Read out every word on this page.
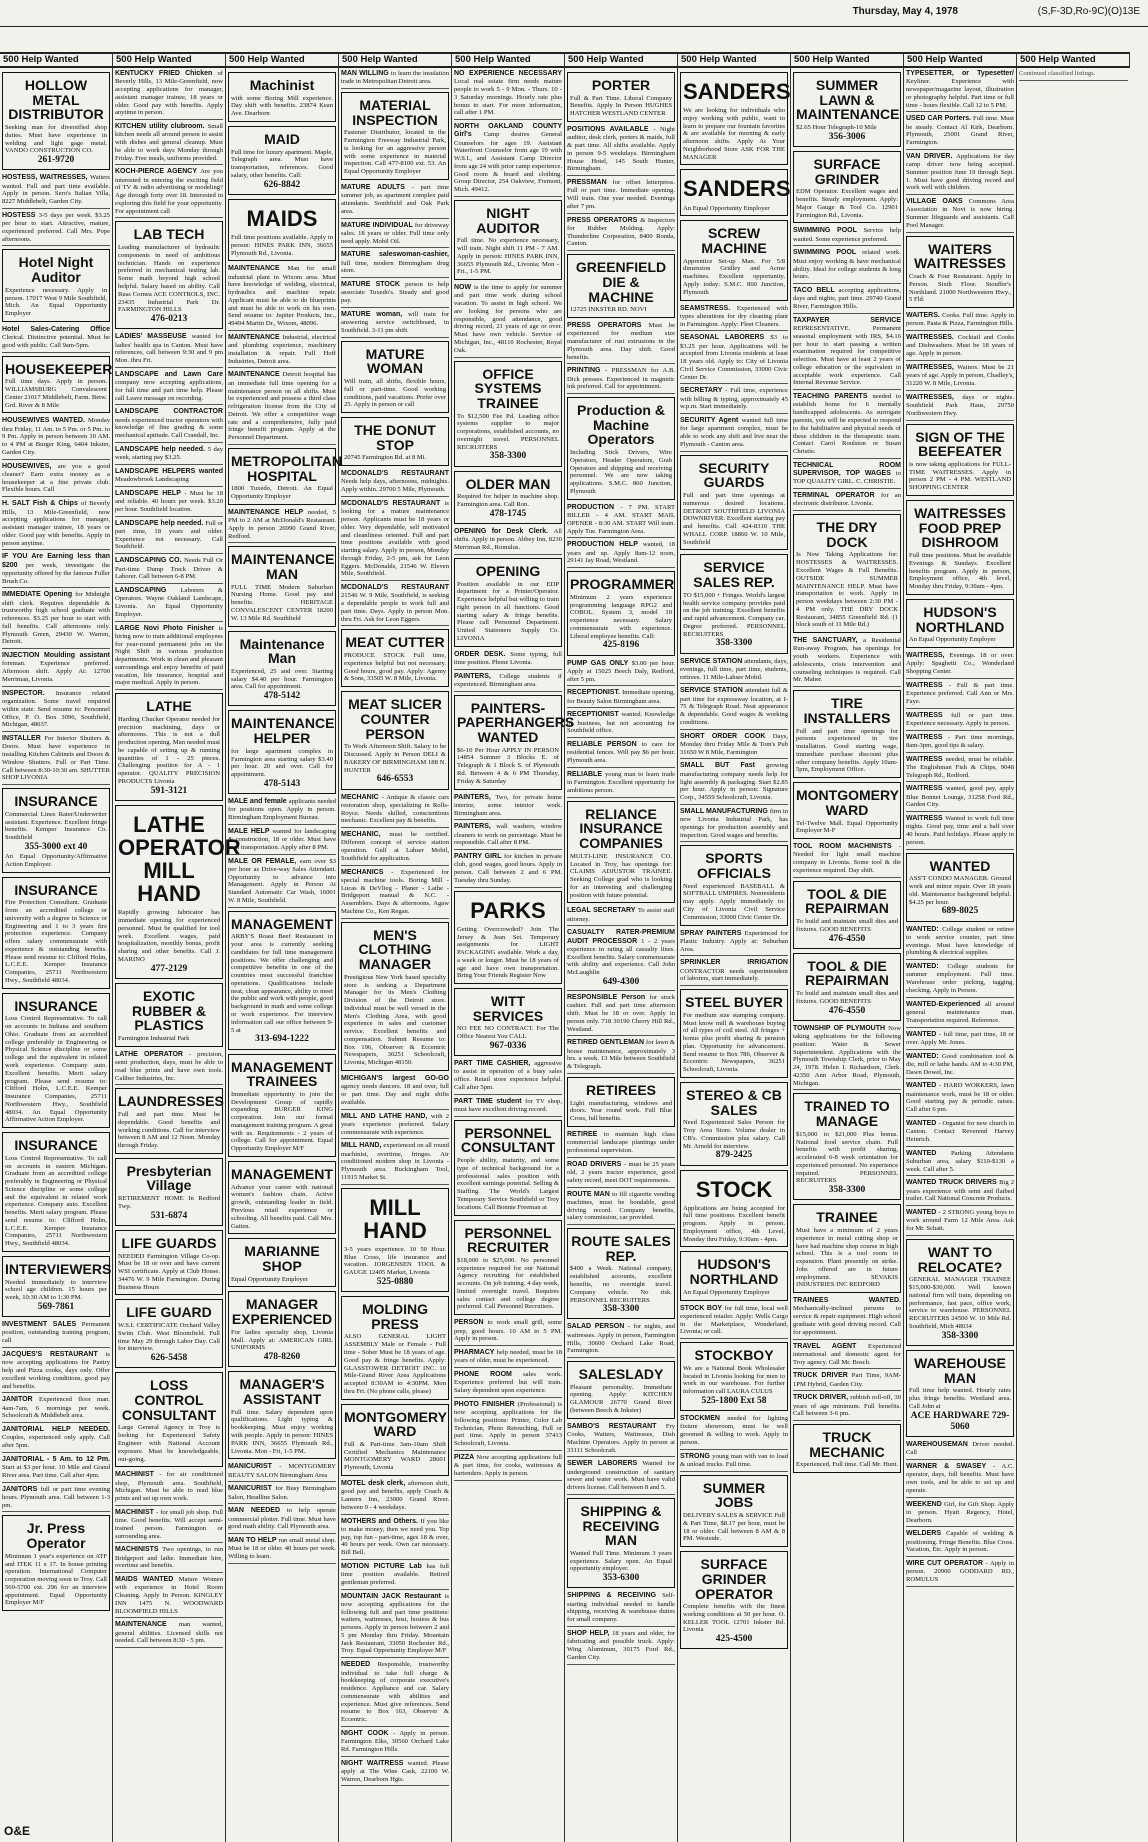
Thursday, May 4, 1978	(S,F-3D,Ro-9C)(O)13E
HOLLOW METAL DISTRIBUTOR
Seeking man for diversified shop duties. Must have experience in welding and light gage metal. VANDO CONSTRUCTION CO.
261-9720
HOSTESS, WAITRESSES, Waiters wanted. Full and part time available. Apply in person. Sero's Italian Villa, 8227 Middlebelt, Garden City.
HOSTESS 3-5 days per week. $3.25 per hour to start. Attractive, mature, experienced preferred. Call Mrs. Pope afternoons.
Hotel Night Auditor
Experience necessary. Apply in person. 17017 West 9 Mile Southfield, Mich. An Equal Opportunity Employer
Hotel Sales-Catering Office Clerical. Distinctive potential. Must be good with public. Call 9am-5pm.
HOUSEKEEPER
Full time days. Apply in person. WILLIAMSBURG Convalescent Center 21017 Middlebelt, Farm. Betw. Grd. River & 8 Mile
HOUSEWIVES WANTED. Monday thru Friday, 11 Am. to 5 Pm. or 5 Pm. to 9 Pm. Apply in person between 10 AM. to 4 PM at Burger King, 6404 Inkster, Garden City.
HOUSEWIVES, are you a good cleaner? Earn extra money as a housekeeper at a fine private club. Flexible hours. Call
H. SALT Fish & Chips of Beverly Hills, 13 Mile-Greenfield, now accepting applications for manager, assistant manager trainee, 18 years or older. Good pay with benefits. Apply in person anytime.
IF YOU Are Earning less than $200 per week, investigate the opportunity offered by the famous Fuller Brush Co.
IMMEDIATE Opening for Midnight shift clerk. Requires dependable & trustworthy high school graduate with references. $3.25 per hour to start with full benefits. Call afternoons only. Plymouth Green, 29430 W. Warren, Detroit.
INJECTION Moulding assistant foreman. Experience preferred. Afternoon shift. Apply At: 12700 Merriman, Livonia.
INSPECTOR. Insurance related organization. Some travel required within state. Send resume to: Personnel Office, P. O. Box 3096, Southfield, Michigan, 48037.
INSTALLER For Interior Shutters & Doors. Must have experience in installing Kitchen Cabinets and Doors & Window Shutters. Full or Part Time. Call between 8:30-10:30 am. SHUTTER SHOP LIVONIA
INSURANCE
Commercial Lines Rater/Underwriter assistant. Experience. Excellent fringe benefits. Kemper Insurance Co. Southfield
355-3000 ext 40
An Equal Opportunity/Affirmative Action Employer.
INSURANCE
Fire Protection Consultant. Graduate from an accredited college or university with a degree in Science or Engineering and 1 to 3 years fire protection experience. Company offers salary commensurate with experience & outstanding benefits. Please send resume to: Clifford Holm, L.C.E.E. Kemper Insurance Companies, 25711 Northwestern Hwy., Southfield 48034.
INSURANCE
Loss Control Representative. To call on accounts in Indiana and southern Ohio. Graduate from an accredited college preferably in Engineering or Physical Science discipline or some college and the equivalent in related work experience. Company auto. Excellent benefits. Merit salary program. Please send resume to: Clifford Holm, L.C.E.E. Kemper Insurance Companies, 25711 Northwestern Hwy., Southfield 48034. An Equal Opportunity Affirmative Action Employer.
INSURANCE
Loss Control Representative. To call on accounts in eastern Michigan. Graduate from an accredited college preferably in Engineering or Physical Science discipline or some college and the equivalent in related work experience. Company auto. Excellent benefits. Merit salary program. Please send resume to: Clifford Holm, L.C.E.E. Kemper Insurance Companies, 25711 Northwestern Hwy., Southfield 48034.
INTERVIEWERS
Needed immediately to interview school age children. 15 hours per week, 10:30 AM to 1:30 PM.
569-7861
INVESTMENT SALES Permanent position, outstanding training program, call
JACQUES'S RESTAURANT is now accepting applications for Pantry help and Pizza cooks, days only. Offer excellent working conditions, good pay and benefits.
JANITOR Experienced floor man. 4am-7am, 6 mornings per week. Schoolcraft & Middlebelt area.
JANITORIAL HELP NEEDED. Couples, experienced only apply. Call after 5pm.
JANITORIAL - 5 Am. to 12 Pm. Start at $3 per hour. 10 Mile and Grand River area. Part time. Call after 4pm.
JANITORS full or part time evening hours. Plymouth area. Call between 1-3 pm.
Jr. Press Operator
Minimum 1 year's experience on ATF and ITEK 11 x 17. In house printing operation. International Computer corporation moving soon to Troy. Call 569-5700 ext. 296 for an interview appointment. Equal Opportunity Employer M/F
KENTUCKY FRIED Chicken of Beverly Hills, 13 Mile-Greenfield, now accepting applications for manager, assistant manager trainee, 18 years or older. Good pay with benefits. Apply anytime in person.
KITCHEN utility clubroom. Small kitchen needs all around person to assist with dishes and general cleanup. Must be able to work days Monday through Friday. Free meals, uniforms provided.
KOCH-PIERCE AGENCY Are you interested in entering the exciting field of TV & radio advertising or modeling? Age through forty over 18. Interested in exploring this field for your opportunity. For appointment call
LAB TECH
Leading manufacturer of hydraulic components in need of ambitious technician. Hands on experience preferred in mechanical testing lab. Some math beyond high school helpful. Salary based on ability. Call Russ Cornea ACE CONTROLS, INC. 23435 Industrial Park Dr. FARMINGTON HILLS
476-0213
LADIES' MASSEUSE wanted for ladies' health spa in Canton. Must have references, call between 9:30 and 9 pm Mon. thru Fri.
LANDSCAPE and Lawn Care company now accepting applications, for full time and part time help. Please call Leave message on recording.
LANDSCAPE CONTRACTOR needs experienced tractor operators with knowledge of fine grading & some mechanical aptitude. Call Crandall, Inc.
LANDSCAPE help needed. 5 day week, starting pay $3.25.
LANDSCAPE HELPERS wanted Meadowbrook Landscaping
LANDSCAPE HELP - Must be 18 and reliable. 40 hours per week. $3.20 per hour. Southfield location.
LANDSCAPE help needed. Full or part time, 18 years and older. Experience not necessary. Call Southfield.
LANDSCAPING CO. Needs Full Or Part-time Dump Truck Driver & Laborer. Call between 6-8 PM.
LANDSCAPING Laborers & Operators. Wayne Oakland Landscape, Livonia. An Equal Opportunity Employer.
LARGE Novi Photo Finisher is hiring now to train additional employees for year-round permanent jobs on the Night Shift in various production departments. Work in clean and pleasant surroundings and enjoy benefits of paid vacation, life insurance, hospital and major medical. Apply in person.
LATHE
Harding Chucker Operator needed for precision machining, days or afternoons. This is not a dull production opening. Man needed must be capable of setting up & running quantities of 1 - 25 pieces. Challenging position for A - 1 operator. QUALITY PRECISION PRODUCTS Livonia
591-3121
LATHE OPERATOR MILL HAND
Rapidly growing fabricator has immediate opening for experienced personnel. Must be qualified for tool work. Excellent wages, paid hospitalization, monthly bonus, profit sharing and other benefits. Call J. MARINO
477-2129
EXOTIC RUBBER & PLASTICS
Farmington Industrial Park
LATHE OPERATOR - precision, semi production, days, must be able to read blue prints and have own tools. Caliber Industries, Inc.
LAUNDRESSES
Full and part time. Must be dependable. Good benefits and working conditions. Call for interview between 8 AM and 12 Noon. Monday through Friday.
Presbyterian Village
RETIREMENT HOME In Redford Twp.
531-6874
LIFE GUARDS
NEEDED Farmington Village Co-op. Must be 18 or over and have current WSI certificate. Apply at Club House. 34476 W. 9 Mile Farmington. During Business Hours
LIFE GUARD
W.S.I. CERTIFICATE Orchard Valley Swim Club. West Bloomfield. Full time May 29 through Labor Day. Call for interview.
626-5458
LOSS CONTROL CONSULTANT
Large General Agency in Troy is looking for Experienced Safety Engineer with National Account exposure. Must be knowledgeable, out-going.
MACHINIST - for air conditioned shop, Plymouth area. Southfield, Michigan. Must be able to read blue prints and set up own work.
MACHINIST - for small job shop. Full time. Good benefits. Will accept semi-trained person. Farmington or surrounding area.
MACHINISTS Two openings, to run Bridgeport and lathe. Immediate hire, overtime and benefits.
MAIDS WANTED Mature Women with experience in Hotel Room Cleaning. Apply In Person. KINGLEY INN 1475 N. WOODWARD BLOOMFIELD HILLS
MAINTENANCE man wanted, general abilities. Licensed skills not needed. Call between 8:30 - 5 pm.
Machinist
with some Boring Mill experience. Day shift with benefits. 23874 Kean Ave. Dearborn
MAID
Full time for luxury apartment. Maple, Telegraph area. Must have transportation, references. Good salary, other benefits. Call:
626-8842
MAIDS
Full time positions available. Apply in person: HINES PARK INN, 36655 Plymouth Rd., Livonia.
MAINTENANCE Man for small industrial plant in Wixom area. Must have knowledge of welding, electrical, hydraulics and machine repair. Applicant must be able to do blueprints and must be able to work on his own. Send resume to: Jupiter Products, Inc., 49494 Martin Dr., Wixom, 48096.
MAINTENANCE Industrial, electrical and plumbing experience, machinery installation & repair. Full Hoff Industries, Detroit area.
MAINTENANCE Detroit hospital has an immediate full time opening for a maintenance person on all shifts. Must be experienced and possess a third class refrigeration license from the City of Detroit. We offer a competitive wage rate and a comprehensive, fully paid fringe benefit program. Apply at the Personnel Department.
METROPOLITAN HOSPITAL
1800 Tuxedo, Detroit. An Equal Opportunity Employer
MAINTENANCE HELP needed, 5 PM to 2 AM at McDonald's Restaurant. Apply in person 26990 Grand River, Redford.
MAINTENANCE MAN
FULL TIME Modern Suburban Nursing Home. Good pay and benefits. HERITAGE CONVALESCENT CENTER 18200 W. 13 Mile Rd. Southfield
Maintenance Man
Experienced, 25 and over. Starting salary $4.40 per hour. Farmington area. Call for appointment.
478-5142
MAINTENANCE HELPER
for large apartment complex in Farmington area starting salary $3.40 per hour. 20 and over. Call for appointment.
478-5143
MALE and female applicants needed for positions open. Apply in person. Birmingham Employment Bureau.
MALE HELP wanted for landscaping & construction, 18 or older. Must have own transportation. Apply after 8 PM.
MALE OR FEMALE, earn over $3 per hour as Drive-way Sales Attendant. Opportunity to advance into Management. Apply in Person At Standard Automatic Car Wash, 16001 W. 8 Mile, Southfield.
MANAGEMENT
ARBY'S Roast Beef Restaurant in your area is currently seeking candidates for full time management positions. We offer challenging and competitive benefits in one of the countries most successful franchise operations. Qualifications include neat, clean appearance, ability to meet the public and work with people, good background in math and some college or work experience. For interview information call our office between 9-5 at
313-694-1222
MANAGEMENT TRAINEES
Immediate opportunity to join the Development Group of rapidly expanding BURGER KING corporation. Join our formal management training program. A great with us. Requirements - 2 years of college. Call for appointment. Equal Opportunity Employer M/F
MANAGEMENT
Advance your career with national women's fashion chain. Active growth, outstanding leader in field. Previous retail experience or schooling. All benefits paid. Call Mrs. Gatien.
MARIANNE SHOP
Equal Opportunity Employer
MANAGER EXPERIENCED
For ladies specialty shop, Livonia Mall. Apply at: AMERICAN GIRL UNIFORMS
478-8260
MANAGER'S ASSISTANT
Full time. Salary dependent upon qualifications. Light typing & bookkeeping. Must enjoy working with people. Apply in person: HINES PARK INN, 36655 Plymouth Rd., Livonia. Mon - Fri, 1-5 PM.
MANICURIST - MONTGOMERY BEAUTY SALON Birmingham Area
MANICURIST for Busy Birmingham Salon, Headline Salon.
MAN NEEDED to help operate commercial plotter. Full time. Must have good math ability. Call Plymouth area.
MAN TO HELP run small metal shop. Must be 18 or older. 40 hours per week. Willing to learn.
MAN WILLING to learn the insulation trade in Metropolitan Detroit area.
MATERIAL INSPECTION
Fastener Distributor, located in the Farmington Freeway Industrial Park, is looking for an aggressive person with some experience in material inspection. Call 477-8100 ext. 53. An Equal Opportunity Employer
MATURE ADULTS - part time summer job, as apartment complex paid attendants. Southfield and Oak Park area.
MATURE INDIVIDUAL for driveway sales. 18 years or older. Full time only need apply. Mobil Oil.
MATURE saleswoman-cashier, full time, modern Birmingham drug store.
MATURE STOCK person to help associate Tuxedo's. Steady and good pay.
MATURE woman, will train for answering service switchboard, in Southfield. 3-11 pm shift.
MATURE WOMAN
Will train, all shifts, flexible hours, full or part-time. Good working conditions, paid vacations. Prefer over 25. Apply in person or call
THE DONUT STOP
20745 Farmington Rd. at 8 Mi.
MCDONALD'S RESTAURANT Needs help days, afternoons, midnights. Apply within. 29700 5 Mile, Plymouth.
MCDONALD'S RESTAURANT is looking for a mature maintenance person. Applicants must be 18 years or older. Very dependable, self motivated and cleanliness oriented. Full and part time positions available with good starting salary. Apply in person, Monday through Friday, 2-5 pm, ask for Leon Eggers. McDonalds, 21546 W. Eleven Mile, Southfield.
MCDONALD'S RESTAURANT 21546 W. 9 Mile, Southfield, is seeking a dependable people to work full and part time. Days. Apply in person Mon. thru Fri. Ask for Leon Eggers.
MEAT CUTTER
PRODUCE STOCK Full time, experience helpful but not necessary. Good hours, good pay. Apply: Agemy & Sons, 33505 W. 8 Mile, Livonia.
MEAT SLICER COUNTER PERSON
To Work Afternoon Shift. Salary to be Discussed. Apply in Person DELI & BAKERY OF BIRMINGHAM 188 N. HUNTER
646-6553
MECHANIC - Antique & classic cars restoration shop, specializing in Rolls-Royce. Needs skilled, conscientious mechanic. Excellent pay & benefits.
MECHANIC, must be certified. Different concept of service station operation. Gulf at Lahser Mobil, Southfield for application.
MECHANICS - Experienced for special machine tools. Boring Mill - Lucas & DeVlieg - Planer - Lathe - Bridgeport manual & N.C. - Assemblers. Days & afternoons. Agaw Machine Co., Ken Regan.
MEN'S CLOTHING MANAGER
Prestigious New York based specialty store is seeking a Department Manager for its Men's Clothing Division of the Detroit store. Individual must be well versed in the Men's Clothing Area, with good experience in sales and customer service. Excellent benefits and compensation. Submit Resume to: Box 196, Observer & Eccentric Newspapers, 36251 Schoolcraft, Livonia, Michigan 48150.
MICHIGAN'S largest GO-GO agency needs dancers. 18 and over, full or part time. Day and night shifts available.
MILL AND LATHE HAND, with 2 years experience preferred. Salary commensurate with experience.
MILL HAND, experienced on all round machinist, overtime, fringes. Air conditioned modern shop in Livonia - Plymouth area. Buckingham Tool, 11915 Market St.
MILL HAND
3-5 years experience. 10 50 Hour. Blue Cross, life insurance and vacation. JORGENSEN TOOL & GAUGE 12405 Market, Livonia
525-0880
MOLDING PRESS
ALSO GENERAL LIGHT ASSEMBLY Male or Female - Full time - Sober Must be 18 years of age. Good pay & fringe benefits. Apply: GLASSTOWER DETROIT INC. 10 Mile-Grand River Area Applications accepted 8:30AM to 4:30PM. Mon thru Fri. (No phone calls, please)
MONTGOMERY WARD
Full & Part-time 3am-10am Shift Certified Mechanics Maintenance MONTGOMERY WARD 28601 Plymouth, Livonia
MOTEL desk clerk, afternoon shift, good pay and benefits, apply Coach & Lantern Inn, 23000 Grand River. between 9 - 4 weekdays.
MOTHERS and Others. If you like to make money, then we need you. Top pay, top fun - part-time, ages 18 & over, 40 hours per week. Own car necessary. Bill Bell.
MOTION PICTURE Lab has full time position available. Retired gentleman preferred.
MOUNTAIN JACK Restaurant is now accepting applications for the following full and part time positions: waiters, waitresses, host, hostess & bus persons. Apply in person between 2 and 5 pm Monday thru Friday. Mountain Jack Restaurant, 33050 Rochester Rd., Troy. Equal Opportunity Employer M/F
NEEDED Responsible, trustworthy individual to take full charge & bookkeeping of corporate executive's residence. Appliance and car. Salary commensurate with abilities and experience. Must give references. Send resume to Box 163, Observer & Eccentric.
NIGHT COOK - Apply in person. Farmington Elks, 30560 Orchard Lake Rd. Farmington Hills.
NIGHT WAITRESS wanted. Please apply at The Wine Cask, 22100 W. Warren, Dearborn Hgts.
NO EXPERIENCE NECESSARY Local real estate firm needs mature people to work 5 - 9 Mon. - Thurs. 10 - 3 Saturday mornings. Hourly rate plus bonus to start. For more information, call after 1 PM.
NORTH OAKLAND COUNTY Girl's Camp desires General Counselors for ages 19. Assistant Waterfront Counselor from age 19 with W.S.I., and Assistant Camp Director from age 24 with prior camp experience. Good room & board and clothing. Group Director, 254 Oakview, Fremont, Mich. 49412.
NIGHT AUDITOR
Full time. No experience necessary, will train. Night shift 11 PM - 7 AM. Apply in person: HINES PARK INN, 36655 Plymouth Rd., Livonia; Mon - Fri., 1-5 PM.
NOW is the time to apply for summer and part time work during school vacation. To assist in high school. We are looking for persons who are responsible, good attendance, good driving record, 21 years of age or over. Must have own vehicle. Service of Michigan, Inc., 48110 Rochester, Royal Oak.
OFFICE SYSTEMS TRAINEE
To $12,500 Fee Pd. Leading office systems supplier to major corporations, established accounts, no overnight travel. PERSONNEL RECRUITERS
358-3300
OLDER MAN
Required for helper in machine shop. Farmington area. Call Ron.
478-1745
OPENING for Desk Clerk. All shifts. Apply in person. Abbey Inn, 8230 Merriman Rd., Romulus.
OPENING
Position available in our EDP department for a Printer/Operator. Experience helpful but willing to train right person in all functions. Good starting salary & fringe benefits. Please call Personnel Department. United Stationers Supply Co. LIVONIA
ORDER DESK. Some typing, full time position. Phone Livonia.
PAINTERS, College students if experienced. Birmingham area.
PAINTERS-PAPERHANGERS WANTED
$6-10 Per Hour APPLY IN PERSON 14854 Sumner 3 Blocks E. of Telegraph & 1 Block S. of Plymouth Rd. Between 4 & 6 PM Thursday, Friday & Saturday
PAINTERS, Two, for private home interior, some interior work. Birmingham area.
PAINTERS, wall washers, window cleaners to work on percentage. Must be responsible. Call after 8 PM.
PANTRY GIRL for kitchen in private club, good wages, good hours. Apply in person. Call between 2 and 6 PM. Tuesday thru Sunday.
PARKS
Getting Overcrowded? Join The Jersey & Jean Set. Temporary assignments for LIGHT PACKAGING available. Work a day, a week or longer. Must be 18 years of age and have own transportation. Bring Your Friends Register Now
WITT SERVICES
NO FEE NO CONTRACT. For The Office Nearest You CALL
967-0336
PART TIME CASHIER, aggressive to assist in operation of a busy sales office. Retail store experience helpful. Call after 5pm.
PART TIME student for TV shop, must have excellent driving record.
PERSONNEL CONSULTANT
People ability, maturity, and some type of technical background for a professional sales position with excellent earnings potential. Selling & Staffing. The World's Largest Temporary Service Southfield or Troy locations. Call Bonnie Freeman at
PERSONNEL RECRUITER
$18,000 to $25,000. No personnel experience required for our National Agency recruiting for established accounts. On job training. 4 day week, limited overnight travel. Requires sales contact and college degree preferred. Call Personnel Recruiters.
PERSON to work small grill, some prep, good hours. 10 AM to 5 PM. Apply in person.
PHARMACY help needed, must be 18 years of older, must be experienced.
PHONE ROOM sales work. Experience preferred but will train. Salary dependent upon experience.
PHOTO FINISHER (Professional) is now accepting applications for the following positions: Printer, Color Lab Technician, Photo Retouching, Full or part time. Apply in person 37413 Schoolcraft, Livonia.
PIZZA Now accepting applications full & part time, for cooks, waitresses & bartenders. Apply in person.
PORTER
Full & Part Time. Liberal Company Benefits. Apply In Person HUGHES HATCHER WESTLAND CENTER
POSITIONS AVAILABLE - Night auditor, desk clerk, porters & maids, full & part time. All shifts available. Apply in person 9-5 weekdays. Birmingham House Hotel, 145 South Hunter, Birmingham.
PRESSMAN for offset letterpress. Full or part time. Immediate opening. Will train. One year needed. Evenings after 7 pm.
PRESS OPERATORS & Inspectors for Rubber Molding. Apply: Thunderline Corporation, 8400 Ronda, Canton.
GREENFIELD DIE & MACHINE
12725 INKSTER RD. NOVI
PRESS OPERATORS Must be experienced for medium size manufacturer of rust extrusions in the Plymouth area. Day shift. Good benefits.
PRINTING - PRESSMAN for A.B. Dick presses. Experienced in magnetic ink preferred. Call for appointment.
Production & Machine Operators
Including Stick Drivers, Wire Operators, Header Operators, Grab Operators and shipping and receiving personnel. We are now taking applications. S.M.C. 860 Junction, Plymouth
PRODUCTION - 7 PM. START BILLER - 4 AM. START MAIL OPENER - 8:30 AM. START Will train. Apply Tue. Farmington Area.
PRODUCTION HELP wanted, 18 years and up. Apply 8am-12 noon, 29141 Jay Road, Westland.
PROGRAMMER
Minimum 2 years experience programming language RPG2 and COBOL. System 3, model 10 experience necessary. Salary commensurate with experience. Liberal employee benefits. Call:
425-8196
PUMP GAS ONLY $3.00 per hour. Apply at 15025 Beech Daly, Redford, after 5 pm.
RECEPTIONIST. Immediate opening, for Beauty Salon Birmingham area.
RECEPTIONIST wanted. Knowledge of business, but not accounting for Southfield office.
RELIABLE PERSON to care for residential fences. Will pay $6 per hour. Plymouth area.
RELIABLE young man to learn trade in Farmington. Excellent opportunity for ambitious person.
RELIANCE INSURANCE COMPANIES
MULTI-LINE INSURANCE CO. Located in Troy, has openings for: CLAIMS ADJUSTOR TRAINEE. Seeking College grad who is looking for an interesting and challenging position with future potential.
LEGAL SECRETARY To assist staff attorney.
CASUALTY RATER-PREMIUM AUDIT PROCESSOR 1 - 2 years experience in rating all casualty lines. Excellent benefits. Salary commensurate with ability and experience. Call John McLaughlin
649-4300
RESPONSIBLE Person for stock cashier. Full and part time afternoon shift. Must be 18 or over. Apply in person only. 718 30190 Cherry Hill Rd., Westland.
RETIRED GENTLEMAN for lawn & house maintenance, approximately 3 hrs. a week. 13 Mile between Southfield & Telegraph.
RETIREES
Light manufacturing, windows and doors. Year round work. Full Blue Cross, full benefits.
RETIREE to maintain high class commercial landscape plantings under professional supervision.
ROAD DRIVERS - must be 25 years old, 2 years tractor experience, good safety record, meet DOT requirements.
ROUTE MAN to fill cigarette vending machines, must be bondable, good driving record. Company benefits, salary commission, car provided.
ROUTE SALES REP.
$400 a Week. National company, established accounts, excellent benefits, no overnight travel. Company vehicle. No risk. PERSONNEL RECRUITERS
358-3300
SALAD PERSON - for nights, and waitresses. Apply in person, Farmington Hills, 30600 Orchard Lake Road, Farmington.
SALESLADY
Pleasant personality. Immediate opening. Apply: KITCHEN GLAMOUR 26770 Grand River (between Beech & Inkster)
SAMBO'S RESTAURANT Fry Cooks, Waiters, Waitresses, Dish Machine Operators. Apply in person at 33111 Schoolcraft.
SEWER LABORERS Wanted for underground construction of sanitary sewer and water work. Must have valid drivers license. Call between 8 and 5.
SHIPPING & RECEIVING MAN
Wanted Full Time. Minimum 3 years experience. Salary open. An Equal opportunity employer.
353-6300
SHIPPING & RECEIVING Self-starting individual needed to handle shipping, receiving & warehouse duties for small company.
SHOP HELP, 18 years and older, for fabricating and possible truck. Apply: Wing Aluminum, 30175 Ford Rd., Garden City.
SANDERS
We are looking for individuals who enjoy working with public, want to learn to prepare our fountain favorites & are available for morning & early afternoon shifts. Apply At Your Neighborhood Store ASK FOR THE MANAGER
SANDERS
An Equal Opportunity Employer
SCREW MACHINE
Apprentice Set-up Man. For 5/8 dimension Gridley and Acme machines. Excellent opportunity. Apply today: S.M.C. 860 Junction, Plymouth
SEAMSTRESS. Experienced with types alterations for dry cleaning plant in Farmington. Apply: Fleet Cleaners.
SEASONAL LABORERS $3 to $3.25 per hour. Applications will be accepted from Livonia residents at least 18 years old. Apply to: City of Livonia Civil Service Commission, 33000 Civic Center Dr.
SECRETARY - Full time, experience with billing & typing, approximately 45 w.p.m. Start immediately.
SECURITY Agent wanted full time for large apartment complex, must be able to work any shift and live near the Plymouth - Canton area.
SECURITY GUARDS
Full and part time openings at numerous desired locations. DETROIT SOUTHFIELD LIVONIA DOWNRIVER. Excellent starting pay and benefits. Call 424-8310 THE WHALL CORP. 18860 W. 10 Mile, Southfield
SERVICE SALES REP.
TO $15,000 + Fringes. World's largest health service company provides paid on the job training. Excellent benefits and rapid advancement. Company car. Degree preferred. PERSONNEL RECRUITERS
358-3300
SERVICE STATION attendants, days, evenings, full time, part time, students, retirees. 11 Mile-Lahser Mobil.
SERVICE STATION attendant full & part time for expressway location, at I-75 & Telegraph Road. Neat appearance & dependable. Good wages & working conditions.
SHORT ORDER COOK Days, Monday thru Friday Mile & Tom's Pub 31650 W 8 Mile, Farmington
SMALL BUT Fast growing manufacturing company needs help for light assembly & packaging. Start $2.85 per hour. Apply in person: Signature Corp., 34559 Schoolcraft, Livonia.
SMALL MANUFACTURING firm in new Livonia Industrial Park, has openings for production assembly and inspection. Good wages and benefits.
SPORTS OFFICIALS
Need experienced BASEBALL & SOFTBALL UMPIRES. Nonresidents may apply. Apply immediately to: City of Livonia Civil Service Commission, 33000 Civic Center Dr.
SPRAY PAINTERS Experienced for Plastic Industry. Apply at: Suburban Area.
SPRINKLER IRRIGATION CONTRACTOR needs superintendent of laborers, start immediately.
STEEL BUYER
For medium size stamping company. Must know mill & warehouse buying of all types of coil steel. All fringes + bonus plus profit sharing & pension plan. Opportunity for advancement. Send resume to Box 786, Observer & Eccentric Newspapers, 36251 Schoolcraft, Livonia.
STEREO & CB SALES
Need Experienced Sales Person for Troy Area Store. Volume dealer in CB's. Commission plus salary. Call Mr. Arnold for interview.
879-2425
STOCK
Applications are being accepted for full time positions. Excellent benefit program. Apply in person. Employment office, 4th Level, Monday thru Friday, 9:30am - 4pm.
HUDSON'S NORTHLAND
An Equal Opportunity Employer
STOCK BOY for full time, local well experienced retailer. Apply: Wells Cargo in the Marketplace, Wonderland, Livonia; or call.
STOCKBOY
We are a National Book Wholesaler located in Livonia looking for men to work in our warehouse. For further information call LAURA CULUS
525-1800 Ext 58
STOCKMEN needed for lighting fixture showroom, must be well groomed & willing to work. Apply in person.
STRONG young man with van to load & unload trucks. Full time.
SUMMER JOBS
DELIVERY SALES & SERVICE Full & Part Time, $8.17 per hour, must be 18 or older. Call between 8 AM & 8 PM. Westside.
SURFACE GRINDER OPERATOR
Complete benefits with the finest working conditions at 50 per hour. O. KELLER TOOL 12701 Inkster Rd. Livonia
425-4500
SUMMER LAWN & MAINTENANCE
$2.65 Hour Telegraph-10 Mile
356-3006
SURFACE GRINDER
EDM Operator. Excellent wages and benefits. Steady employment. Apply: Major Gauge & Tool Co. 12901 Farmington Rd., Livonia.
SWIMMING POOL Service help wanted. Some experience preferred.
SWIMMING POOL related work. Must enjoy working & have mechanical ability. Ideal for college students & long hours.
TACO BELL accepting applications, days and nights, part time. 29740 Grand River, Farmington Hills.
TAXPAYER SERVICE REPRESENTATIVE. Permanent seasonal employment with IRS, $4.16 per hour to start passing a written examination required for competitive selection. Must have at least 2 years of college education or the equivalent in acceptable work experience. Call Internal Revenue Service.
TEACHING PARENTS needed to establish home for 6 mentally handicapped adolescents. As surrogate parents, you will be expected to respond to the habilitative and physical needs of these children in the therapeutic team. Contact Carol Roulston or Susan Christie.
TECHNICAL ROOM SUPERVISOR, TOP WAGES to TOP QUALITY GIRL. C. CHRISTIE.
TERMINAL OPERATOR for an electronic distributor. Livonia.
THE DRY DOCK
Is Now Taking Applications for: HOSTESSES & WAITRESSES. Excellent Wages & Full Benefits. OUTSIDE SUMMER MAINTENANCE HELP. Must have transportation to work. Apply in person weekdays between 2:30 PM - 4 PM only. THE DRY DOCK Restaurant, 34855 Greenfield Rd. (1 block south of 11 Mile Rd.)
THE SANCTUARY, a Residential Run-away Program, has openings for youth workers. Experience with adolescents, crisis intervention and counseling techniques is required. Call Mr. Maher.
TIRE INSTALLERS
Full and part time openings for persons experienced in tire installation. Good starting wage, immediate purchase discount plus other company benefits. Apply 10am-5pm, Employment Office.
MONTGOMERY WARD
Tel-Twelve Mall. Equal Opportunity Employer M-F
TOOL ROOM MACHINISTS - Needed for light small machine company in Livonia. Some tool & die experience required. Day shift.
TOOL & DIE REPAIRMAN
To build and maintain small dies and fixtures. GOOD BENEFITS
476-4550
TOOL & DIE REPAIRMAN
To build and maintain small dies and fixtures. GOOD BENEFITS
476-4550
TOWNSHIP OF PLYMOUTH Now taking applications for the following position: Water & Sewer Superintendent. Applications with the Plymouth Township Clerk, prior to May 24, 1978. Helen I. Richardson, Clerk. 42350 Ann Arbor Road, Plymouth, Michigan.
TRAINED TO MANAGE
$15,000 to $21,000 Plus bonus. National food service chain. Full benefits with profit sharing, accelerated 6-8 week orientation for experienced personnel. No experience required. PERSONNEL RECRUITERS
358-3300
TRAINEE
Must have a minimum of 2 years experience in metal cutting shop or have had machine shop course in high school. This is a tool room in expansion. Plant presently on strike. Jobs offered are in future employment. SEVAKIS INDUSTRIES INC REDFORD
TRAINEES WANTED. Mechanically-inclined persons to service & repair equipment. High school graduate with good driving record. Call for appointment.
TRAVEL AGENT Experienced international and domestic agent for Troy agency. Call Mr. Bosch.
TRUCK DRIVER Part Time, 9AM-1PM Hybrid, Garden City.
TRUCK DRIVER, rubbish roll-off, 30 years of age minimum. Full benefits. Call between 3-6 pm.
TRUCK MECHANIC
Experienced, Full time. Call Mr. Hunt.
TYPESETTER, or Typesetter/ Keyliner. Experience with newspaper/magazine layout, illustration or photography helpful. Part time or full time - hours flexible. Call 12 to 5 PM.
USED CAR Porters. Full time. Must be steady. Contact Al Kirk, Dearborn. Plymouth, 25001 Grand River, Farmington.
VAN DRIVER. Applications for day camp driver now being accepted. Summer position June 19 through Sept. 1. Must have good driving record and work well with children.
VILLAGE OAKS Commons Area Association in Novi is now hiring. Summer lifeguards and assistants. Call Pool Manager.
WAITERS WAITRESSES
Coach & Four Restaurant. Apply in Person. Sixth Floor. Stouffer's Northland. 21000 Northwestern Hwy., 5 Fld.
WAITERS. Cooks. Full time. Apply in person. Pasta & Pizza, Farmington Hills.
WAITRESSES. Cocktail and Cooks and Dishwashers. Must be 18 years of age. Apply in person.
WAITRESSES, Waiters. Must be 21 years of age. Apply in person, Chadley's, 31220 W. 8 Mile, Livonia.
WAITRESSES, days or nights. Southfield Park Haus, 29750 Northwestern Hwy.
SIGN OF THE BEEFEATER
is now taking applications for FULL-TIME WAITRESSES. Apply in person 2 PM - 4 PM. WESTLAND SHOPPING CENTER
WAITRESSES FOOD PREP DISHROOM
Full time positions. Must be available Evenings & Sundays. Excellent benefits program. Apply in person, Employment office, 4th level, Monday thru Friday, 9:30am - 4pm.
HUDSON'S NORTHLAND
An Equal Opportunity Employer
WAITRESS, Evenings. 18 or over. Apply: Spaghetti Co., Wonderland Shopping Center.
WAITRESS - Full & part time. Experience preferred. Call Ann or Mrs. Faye.
WAITRESS full or part time. Experience necessary. Apply in person.
WAITRESS - Part time mornings, 8am-3pm, good tips & salary.
WAITRESS needed, must be reliable. The Englishman Fish & Chips, 9048 Telegraph Rd., Redford.
WAITRESS wanted, good pay, apply Blue Bonnet Lounge, 31258 Ford Rd., Garden City.
WAITRESS Wanted to work full time nights. Good pay, time and a half over 40 hours. Paid holidays. Please apply in person.
WANTED
ASS'T CONDO MANAGER. Ground work and minor repair. Over 18 years old. Maintenance background helpful. $4.25 per hour.
689-8025
WANTED: College student or retiree to work service counter, part time evenings. Must have knowledge of plumbing & electrical supplies.
WANTED: College students for summer employment. Full time. Warehouse order picking, tagging, checking. Apply in Person.
WANTED-Experienced all around general maintenance man. Transportation required. Reference.
WANTED - full time, part time, 18 or over. Apply Mr. Jones.
WANTED: Good combination tool & die, mill or lathe hands. AM to 4:30 PM, Dawn Dowel, Inc.
WANTED - HARD WORKERS, lawn maintenance work, must be 18 or older. Good starting pay & periodic raises. Call after 6 pm.
WANTED - Organist for new church in Canton. Contact Reverend Harvey Heinrich.
WANTED Parking Attendants Suburban area, salary $110-$130 a week. Call after 5.
WANTED TRUCK DRIVERS Big 2 years experience with semi and flatbed trailer. Call National Concrete Products.
WANTED - 2 STRONG young boys to work around Farm 12 Mile Area. Ask for Mr. Schatt.
WANT TO RELOCATE?
GENERAL MANAGER TRAINEE $15,000-$30,000. Well known national firm will train, depending on performance, fast pace, office work, service to warehouse. PERSONNEL RECRUITERS 24500 W. 10 Mile Rd. Southfield, Mich 48034
358-3300
WAREHOUSE MAN
Full time help wanted. Hourly rates plus fringe benefits. Westland area. Call John at
ACE HARDWARE 729-5060
WAREHOUSEMAN Driver needed. Call
WARNER & SWASEY - A.C. operator, days, full benefits. Must have own tools, and be able to set up and operate.
WEEKEND Girl, for Gift Shop. Apply in person. Hyatt Regency, Hotel, Dearborn.
WELDERS Capable of welding & positioning. Fringe Benefits. Blue Cross. Vacation, Etc. Apply in person.
WIRE CUT OPERATOR - Apply in person. 20900 GODDARD RD., ROMULUS
Continued classified listings.
O&E
500 Help Wanted	500 Help Wanted	500 Help Wanted	500 Help Wanted	500 Help Wanted	500 Help Wanted	500 Help Wanted	500 Help Wanted	500 Help Wanted	500 Help Wanted
